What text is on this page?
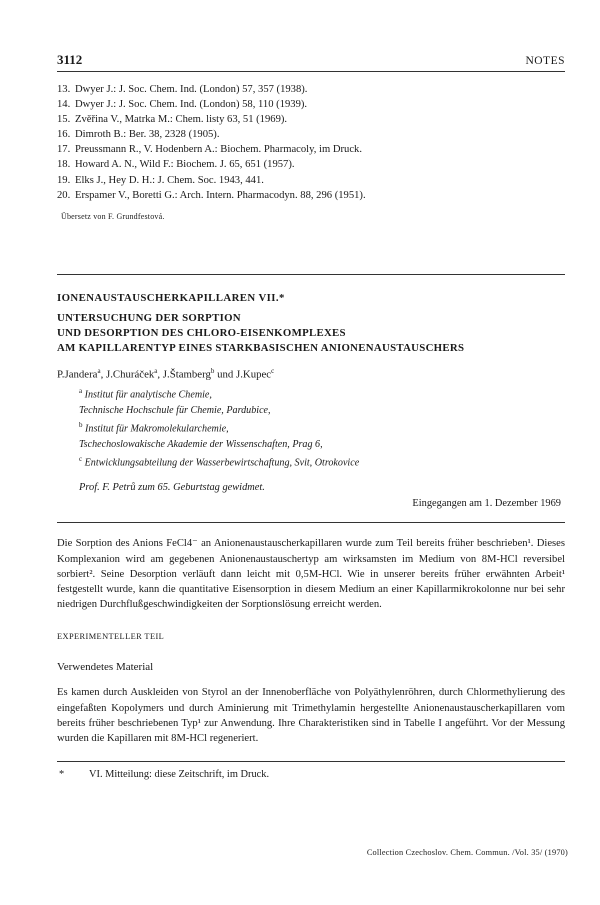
3112	NOTES
13. Dwyer J.: J. Soc. Chem. Ind. (London) 57, 357 (1938).
14. Dwyer J.: J. Soc. Chem. Ind. (London) 58, 110 (1939).
15. Zvěřina V., Matrka M.: Chem. listy 63, 51 (1969).
16. Dimroth B.: Ber. 38, 2328 (1905).
17. Preussmann R., V. Hodenbern A.: Biochem. Pharmacoly, im Druck.
18. Howard A. N., Wild F.: Biochem. J. 65, 651 (1957).
19. Elks J., Hey D. H.: J. Chem. Soc. 1943, 441.
20. Erspamer V., Boretti G.: Arch. Intern. Pharmacodyn. 88, 296 (1951).
Übersetz von F. Grundfestová.
IONENAUSTAUSCHERKAPILLAREN VII.*
UNTERSUCHUNG DER SORPTION
UND DESORPTION DES CHLORO-EISENKOMPLEXES
AM KAPILLARENTYP EINES STARKBASISCHEN ANIONENAUSTAUSCHERS
P.Jandera$^a$, J.Churáček$^a$, J.Štamberg$^b$ und J.Kupec$^c$
$^a$ Institut für analytische Chemie,
Technische Hochschule für Chemie, Pardubice,
$^b$ Institut für Makromolekularchemie,
Tschechoslowakische Akademie der Wissenschaften, Prag 6,
$^c$ Entwicklungsabteilung der Wasserbewirtschaftung, Svit, Otrokovice
Prof. F. Petrů zum 65. Geburtstag gewidmet.
Eingegangen am 1. Dezember 1969

Die Sorption des Anions FeCl4⁻ an Anionenaustauscherkapillaren wurde zum Teil bereits früher beschrieben¹. Dieses Komplexanion wird am gegebenen Anionenaustauschertyp am wirksamsten im Medium von 8M-HCl reversibel sorbiert². Seine Desorption verläuft dann leicht mit 0,5M-HCl. Wie in unserer bereits früher erwähnten Arbeit¹ festgestellt wurde, kann die quantitative Eisensorption in diesem Medium an einer Kapillarmikrokolonne nur bei sehr niedrigen Durchflußgeschwindigkeiten der Sorptionslösung erreicht werden.

EXPERIMENTELLER TEIL
Verwendetes Material

Es kamen durch Auskleiden von Styrol an der Innenoberfläche von Polyäthylenröhren, durch Chlormethylierung des eingefaßten Kopolymers und durch Aminierung mit Trimethylamin hergestellte Anionenaustauscherkapillaren vom bereits früher beschriebenen Typ¹ zur Anwendung. Ihre Charakteristiken sind in Tabelle I angeführt. Vor der Messung wurden die Kapillaren mit 8M-HCl regeneriert.

*	VI. Mitteilung: diese Zeitschrift, im Druck.
Collection Czechoslov. Chem. Commun. /Vol. 35/ (1970)
